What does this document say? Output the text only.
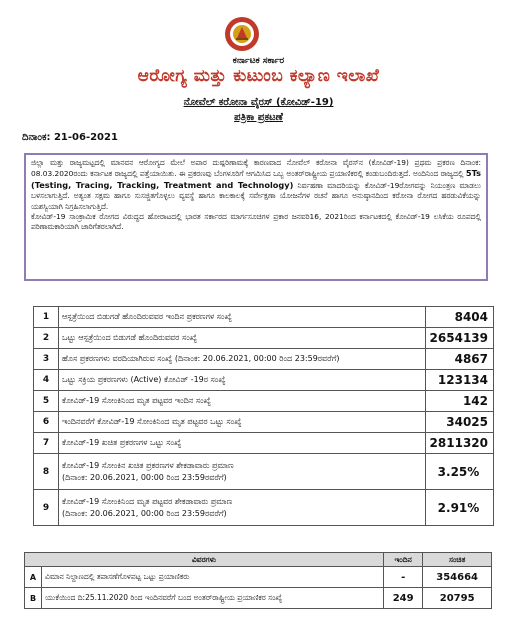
ಕರ್ನಾಟಕ ಸರ್ಕಾರ
ಆರೋಗ್ಯ ಮತ್ತು ಕುಟುಂಬ ಕಲ್ಯಾಣ ಇಲಾಖೆ
ನೋವೆಲ್ ಕರೋನಾ ವೈರಸ್ (ಕೋವಿಡ್-19)
ಪತ್ರಿಕಾ ಪ್ರಕಟಣೆ
ದಿನಾಂಕ: 21-06-2021

ಜಿಲ್ಲಾ ಮತ್ತು ರಾಜ್ಯಮಟ್ಟದಲ್ಲಿ ಮಾನವನ ಆರೋಗ್ಯದ ಮೇಲೆ ಅಪಾರ ದುಷ್ಪರಿಣಾಮಕ್ಕೆ ಕಾರಣವಾದ ನೋವೆಲ್ ಕರೋನಾ ವೈರಸ್‌ನ (ಕೋವಿಡ್-19) ಪ್ರಥಮ ಪ್ರಕರಣ ದಿನಾಂಕ: 08.03.2020ರಂದು ಕರ್ನಾಟಕ ರಾಜ್ಯದಲ್ಲಿ ಪತ್ತೆಯಾಯಿತು. ಈ ಪ್ರಕರಣವು ಬೆಂಗಳೂರಿಗೆ ಆಗಮಿಸಿದ ಒಬ್ಬ ಅಂತರ್‌ರಾಷ್ಟ್ರೀಯ ಪ್ರಯಾಣಿಕರಲ್ಲಿ ಕಂಡುಬಂದಿರುತ್ತದೆ. ಅಂದಿನಿಂದ ರಾಜ್ಯದಲ್ಲಿ 5Ts (Testing, Tracing, Tracking, Treatment and Technology) ನಿರ್ವಹಣಾ ಮಾದರಿಯನ್ನು ಕೋವಿಡ್-19ರೋಗವನ್ನು ನಿಯಂತ್ರಣ ಮಾಡಲು ಬಳಸಲಾಗುತ್ತಿದೆ. ಅತ್ಯಂತ ಸಕ್ಷಮ ಹಾಗೂ ಸುಸಜ್ಜಿತಗೊಳ್ಳಲು ವ್ಯವಸ್ಥೆ ಹಾಗೂ ಕಾಲಕಾಲಕ್ಕೆ ಸರ್ವೇಕ್ಷಣಾ ಯೋಜನೆಗಳ ರಚನೆ ಹಾಗೂ ಅನುಷ್ಠಾನದಿಂದ ಕರೋನಾ ರೋಗದ ಹರಡುವಿಕೆಯನ್ನು ಯಶಸ್ವಿಯಾಗಿ ನಿಗ್ರಹಿಸಲಾಗುತ್ತಿದೆ.

ಕೋವಿಡ್-19 ಸಾಂಕ್ರಾಮಿಕ ರೋಗದ ವಿರುದ್ಧದ ಹೋರಾಟದಲ್ಲಿ ಭಾರತ ಸರ್ಕಾರದ ಮಾರ್ಗಸೂಚಿಗಳ ಪ್ರಕಾರ ಜನವರಿ16, 2021ರಿಂದ ಕರ್ನಾಟಕದಲ್ಲಿ ಕೋವಿಡ್-19 ಲಸಿಕೆಯ ರೂಪದಲ್ಲಿ ಪರಿಣಾಮಕಾರಿಯಾಗಿ ಜಾರಿಗೆತರಲಾಗಿದೆ.

1	ಆಸ್ಪತ್ರೆಯಿಂದ ಬಿಡುಗಡೆ ಹೊಂದಿರುವವರ ಇಂದಿನ ಪ್ರಕರಣಗಳ ಸಂಖ್ಯೆ	8404
2	ಒಟ್ಟು ಆಸ್ಪತ್ರೆಯಿಂದ ಬಿಡುಗಡೆ ಹೊಂದಿರುವವರ ಸಂಖ್ಯೆ	2654139
3	ಹೊಸ ಪ್ರಕರಣಗಳು ವರದಿಯಾಗಿರುವ ಸಂಖ್ಯೆ (ದಿನಾಂಕ: 20.06.2021, 00:00 ರಿಂದ 23:59ರವರೆಗೆ)	4867
4	ಒಟ್ಟು ಸಕ್ರಿಯ ಪ್ರಕರಣಗಳು (Active) ಕೋವಿಡ್ -19ರ ಸಂಖ್ಯೆ	123134
5	ಕೋವಿಡ್-19 ಸೋಂಕಿನಿಂದ ಮೃತ ಪಟ್ಟವರ ಇಂದಿನ ಸಂಖ್ಯೆ	142
6	ಇಂದಿನವರೆಗೆ ಕೋವಿಡ್-19 ಸೋಂಕಿನಿಂದ ಮೃತ ಪಟ್ಟವರ ಒಟ್ಟು ಸಂಖ್ಯೆ	34025
7	ಕೋವಿಡ್-19 ಖಚಿತ ಪ್ರಕರಣಗಳ ಒಟ್ಟು ಸಂಖ್ಯೆ	2811320
8	ಕೋವಿಡ್-19 ಸೋಂಕಿನ ಖಚಿತ ಪ್ರಕರಣಗಳ ಶೇಕಡಾವಾರು ಪ್ರಮಾಣ
(ದಿನಾಂಕ: 20.06.2021, 00:00 ರಿಂದ 23:59ರವರೆಗೆ)	3.25%
9	ಕೋವಿಡ್-19 ಸೋಂಕಿನಿಂದ ಮೃತ ಪಟ್ಟವರ ಶೇಕಡಾವಾರು ಪ್ರಮಾಣ
(ದಿನಾಂಕ: 20.06.2021, 00:00 ರಿಂದ 23:59ರವರೆಗೆ)	2.91%
ವಿವರಗಳು		ಇಂದಿನ	ಸಂಚಿತ
A	ವಿಮಾನ ನಿಲ್ದಾಣದಲ್ಲಿ ತಪಾಸಣೆಗೊಳಪಟ್ಟ ಒಟ್ಟು ಪ್ರಯಾಣಿಕರು	-	354664
B	ಯುಕೆಯಿಂದ ದಿ:25.11.2020 ರಿಂದ ಇಂದಿನವರೆಗೆ ಬಂದ ಅಂತರ್‌ರಾಷ್ಟ್ರೀಯ ಪ್ರಯಾಣಿಕರ ಸಂಖ್ಯೆ	249	20795
